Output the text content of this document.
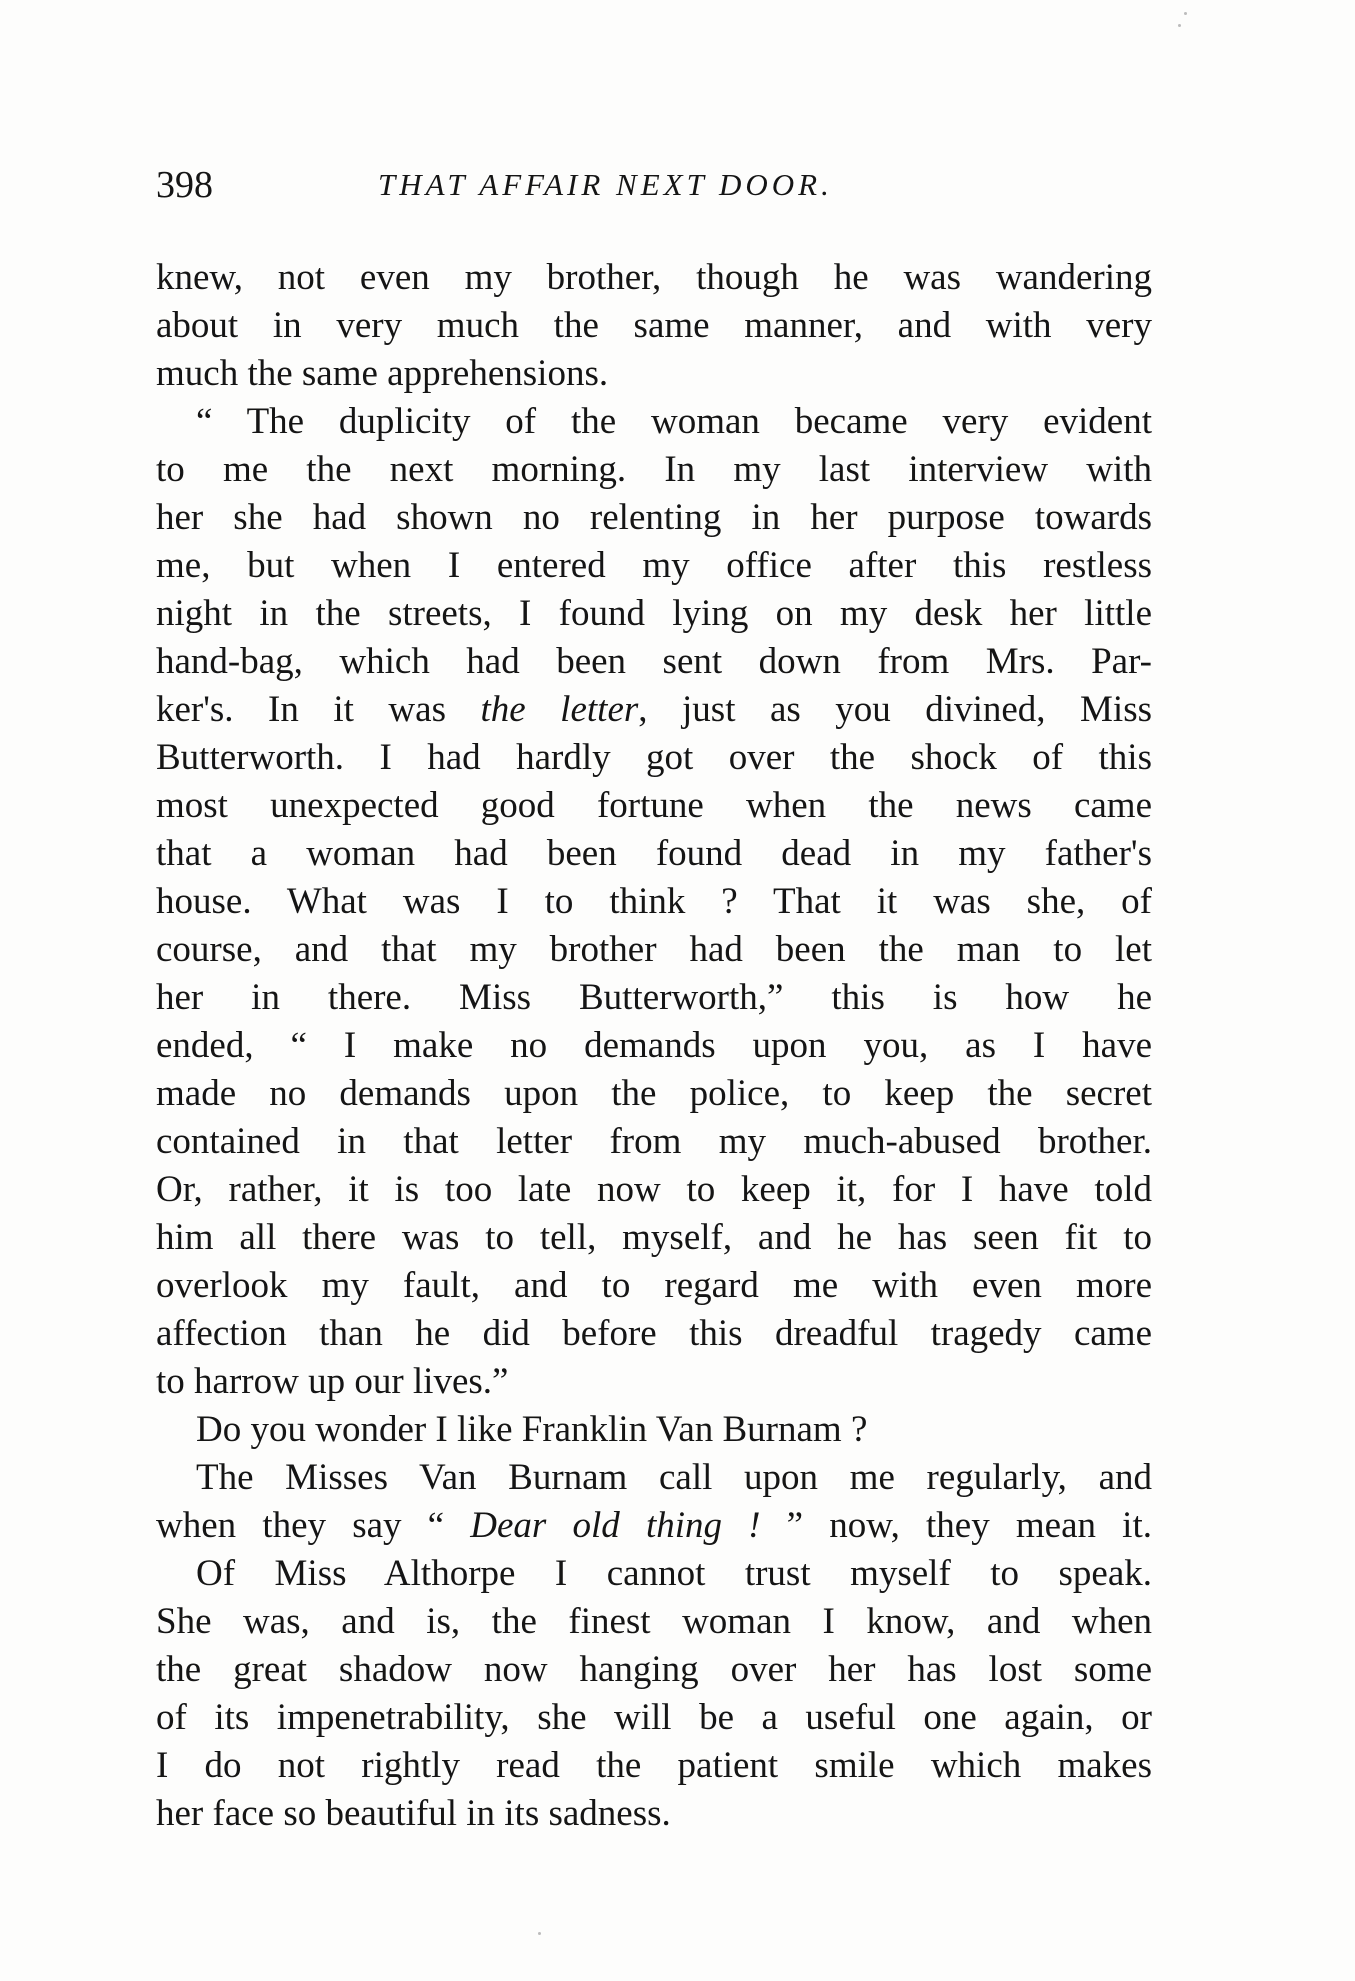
398	THAT AFFAIR NEXT DOOR.
knew, not even my brother, though he was wandering
about in very much the same manner, and with very
much the same apprehensions.
“ The duplicity of the woman became very evident
to me the next morning. In my last interview with
her she had shown no relenting in her purpose towards
me, but when I entered my office after this restless
night in the streets, I found lying on my desk her little
hand-bag, which had been sent down from Mrs. Par-
ker's. In it was the letter, just as you divined, Miss
Butterworth. I had hardly got over the shock of this
most unexpected good fortune when the news came
that a woman had been found dead in my father's
house. What was I to think ? That it was she, of
course, and that my brother had been the man to let
her in there. Miss Butterworth,” this is how he
ended, “ I make no demands upon you, as I have
made no demands upon the police, to keep the secret
contained in that letter from my much-abused brother.
Or, rather, it is too late now to keep it, for I have told
him all there was to tell, myself, and he has seen fit to
overlook my fault, and to regard me with even more
affection than he did before this dreadful tragedy came
to harrow up our lives.”
Do you wonder I like Franklin Van Burnam ?
The Misses Van Burnam call upon me regularly, and
when they say “ Dear old thing ! ” now, they mean it.
Of Miss Althorpe I cannot trust myself to speak.
She was, and is, the finest woman I know, and when
the great shadow now hanging over her has lost some
of its impenetrability, she will be a useful one again, or
I do not rightly read the patient smile which makes
her face so beautiful in its sadness.
